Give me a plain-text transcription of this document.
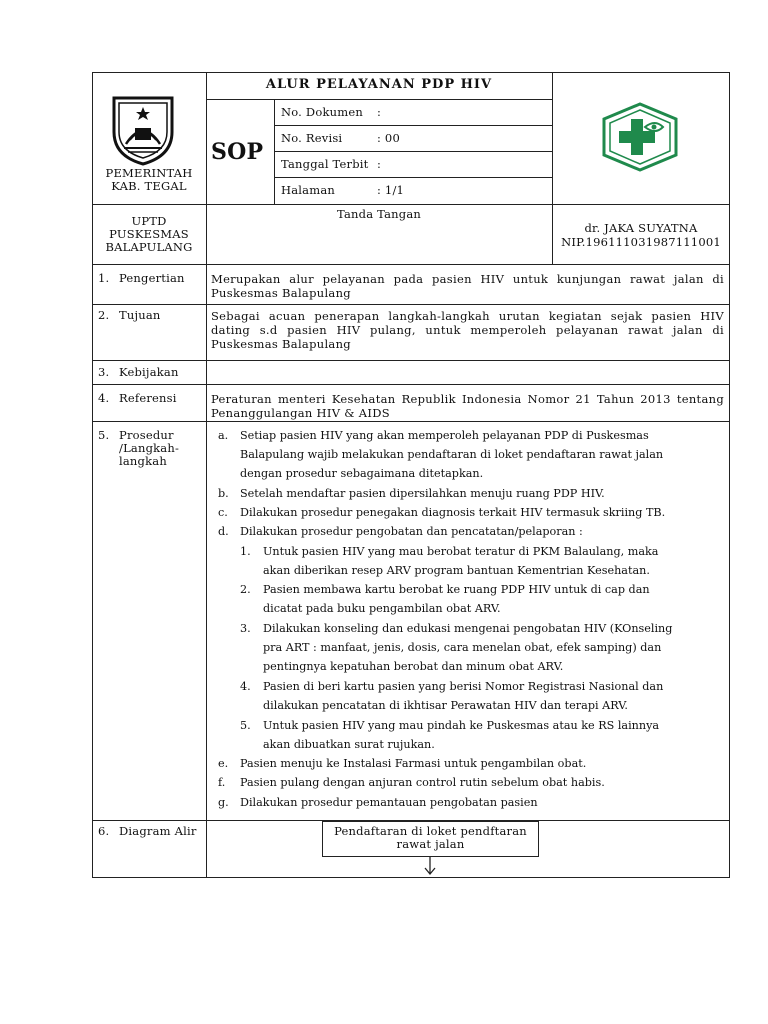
PEMERINTAH
KAB. TEGAL
ALUR PELAYANAN PDP HIV
SOP
No. Dokumen :
No. Revisi	: 00
Tanggal Terbit :
Halaman	: 1/1
UPTD
PUSKESMAS
BALAPULANG
Tanda Tangan
dr. JAKA SUYATNA
NIP.196111031987111001
1. Pengertian Merupakan alur pelayanan pada pasien HIV untuk kunjungan rawat jalan di Puskesmas Balapulang
2. Tujuan	Sebagai acuan penerapan langkah-langkah urutan kegiatan sejak pasien HIV dating s.d pasien HIV pulang, untuk memperoleh pelayanan rawat jalan di Puskesmas Balapulang
3. Kebijakan
4. Referensi	Peraturan menteri Kesehatan Republik Indonesia Nomor 21 Tahun 2013 tentang Penanggulangan HIV & AIDS
5. Prosedur
/Langkah-
langkah
a. Setiap pasien HIV yang akan memperoleh pelayanan PDP di Puskesmas
Balapulang wajib melakukan pendaftaran di loket pendaftaran rawat jalan
dengan prosedur sebagaimana ditetapkan.
b. Setelah mendaftar pasien dipersilahkan menuju ruang PDP HIV.
c. Dilakukan prosedur penegakan diagnosis terkait HIV termasuk skriing TB.
d. Dilakukan prosedur pengobatan dan pencatatan/pelaporan :
1. Untuk pasien HIV yang mau berobat teratur di PKM Balaulang, maka
akan diberikan resep ARV program bantuan Kementrian Kesehatan.
2. Pasien membawa kartu berobat ke ruang PDP HIV untuk di cap dan
dicatat pada buku pengambilan obat ARV.
3. Dilakukan konseling dan edukasi mengenai pengobatan HIV (KOnseling
pra ART : manfaat, jenis, dosis, cara menelan obat, efek samping) dan
pentingnya kepatuhan berobat dan minum obat ARV.
4. Pasien di beri kartu pasien yang berisi Nomor Registrasi Nasional dan
dilakukan pencatatan di ikhtisar Perawatan HIV dan terapi ARV.
5. Untuk pasien HIV yang mau pindah ke Puskesmas atau ke RS lainnya
akan dibuatkan surat rujukan.
e. Pasien menuju ke Instalasi Farmasi untuk pengambilan obat.
f. Pasien pulang dengan anjuran control rutin sebelum obat habis.
g. Dilakukan prosedur pemantauan pengobatan pasien
6. Diagram Alir	Pendaftaran di loket pendftaran
rawat jalan
